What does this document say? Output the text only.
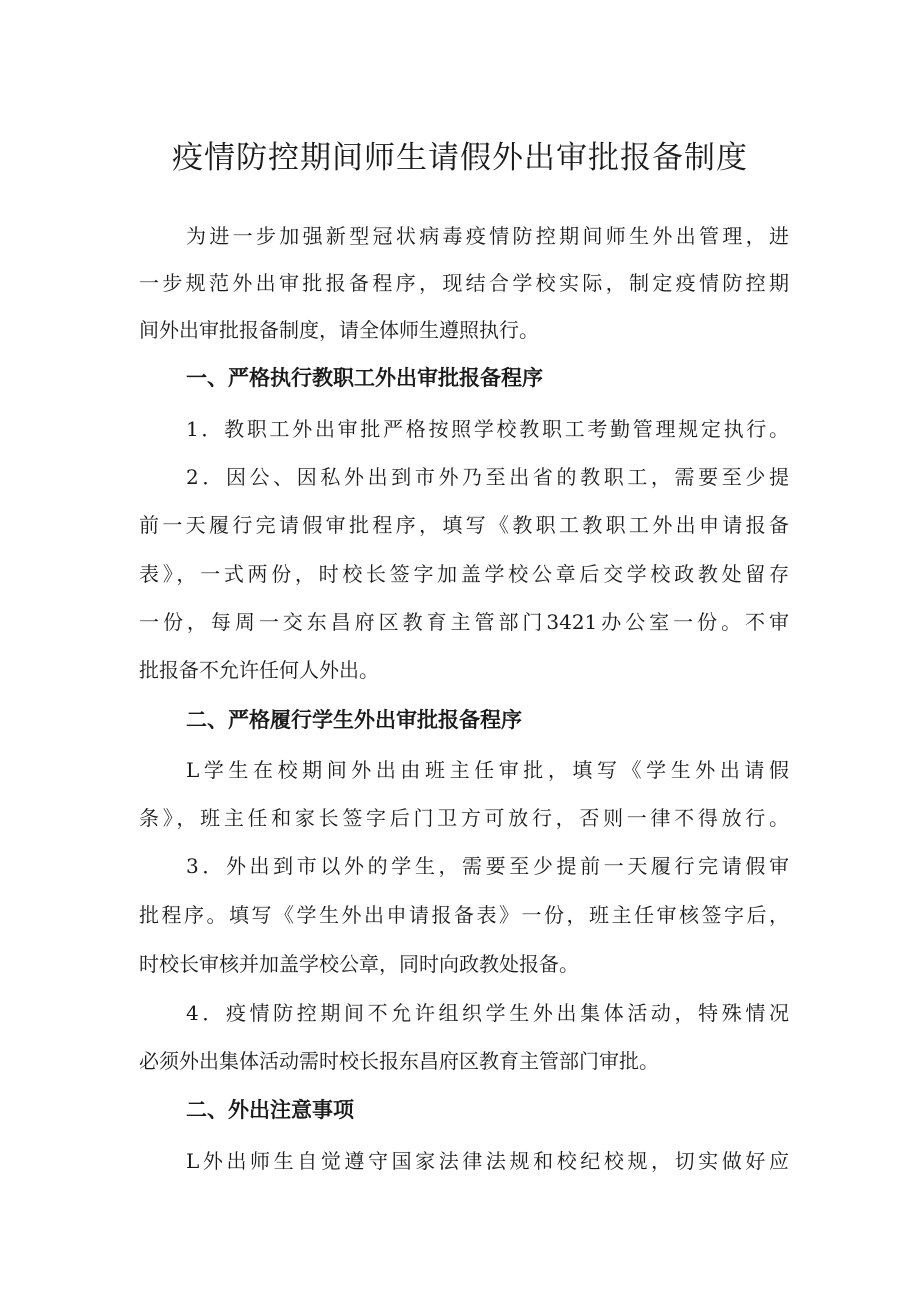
疫情防控期间师生请假外出审批报备制度
为进一步加强新型冠状病毒疫情防控期间师生外出管理，进
一步规范外出审批报备程序，现结合学校实际，制定疫情防控期
间外出审批报备制度，请全体师生遵照执行。
一、严格执行教职工外出审批报备程序
1．教职工外出审批严格按照学校教职工考勤管理规定执行。
2．因公、因私外出到市外乃至出省的教职工，需要至少提
前一天履行完请假审批程序，填写《教职工教职工外出申请报备
表》，一式两份，时校长签字加盖学校公章后交学校政教处留存
一份，每周一交东昌府区教育主管部门3421办公室一份。不审
批报备不允许任何人外出。
二、严格履行学生外出审批报备程序
L学生在校期间外出由班主任审批，填写《学生外出请假
条》，班主任和家长签字后门卫方可放行，否则一律不得放行。
3．外出到市以外的学生，需要至少提前一天履行完请假审
批程序。填写《学生外出申请报备表》一份，班主任审核签字后，
时校长审核并加盖学校公章，同时向政教处报备。
4．疫情防控期间不允许组织学生外出集体活动，特殊情况
必须外出集体活动需时校长报东昌府区教育主管部门审批。
二、外出注意事项
L外出师生自觉遵守国家法律法规和校纪校规，切实做好应
